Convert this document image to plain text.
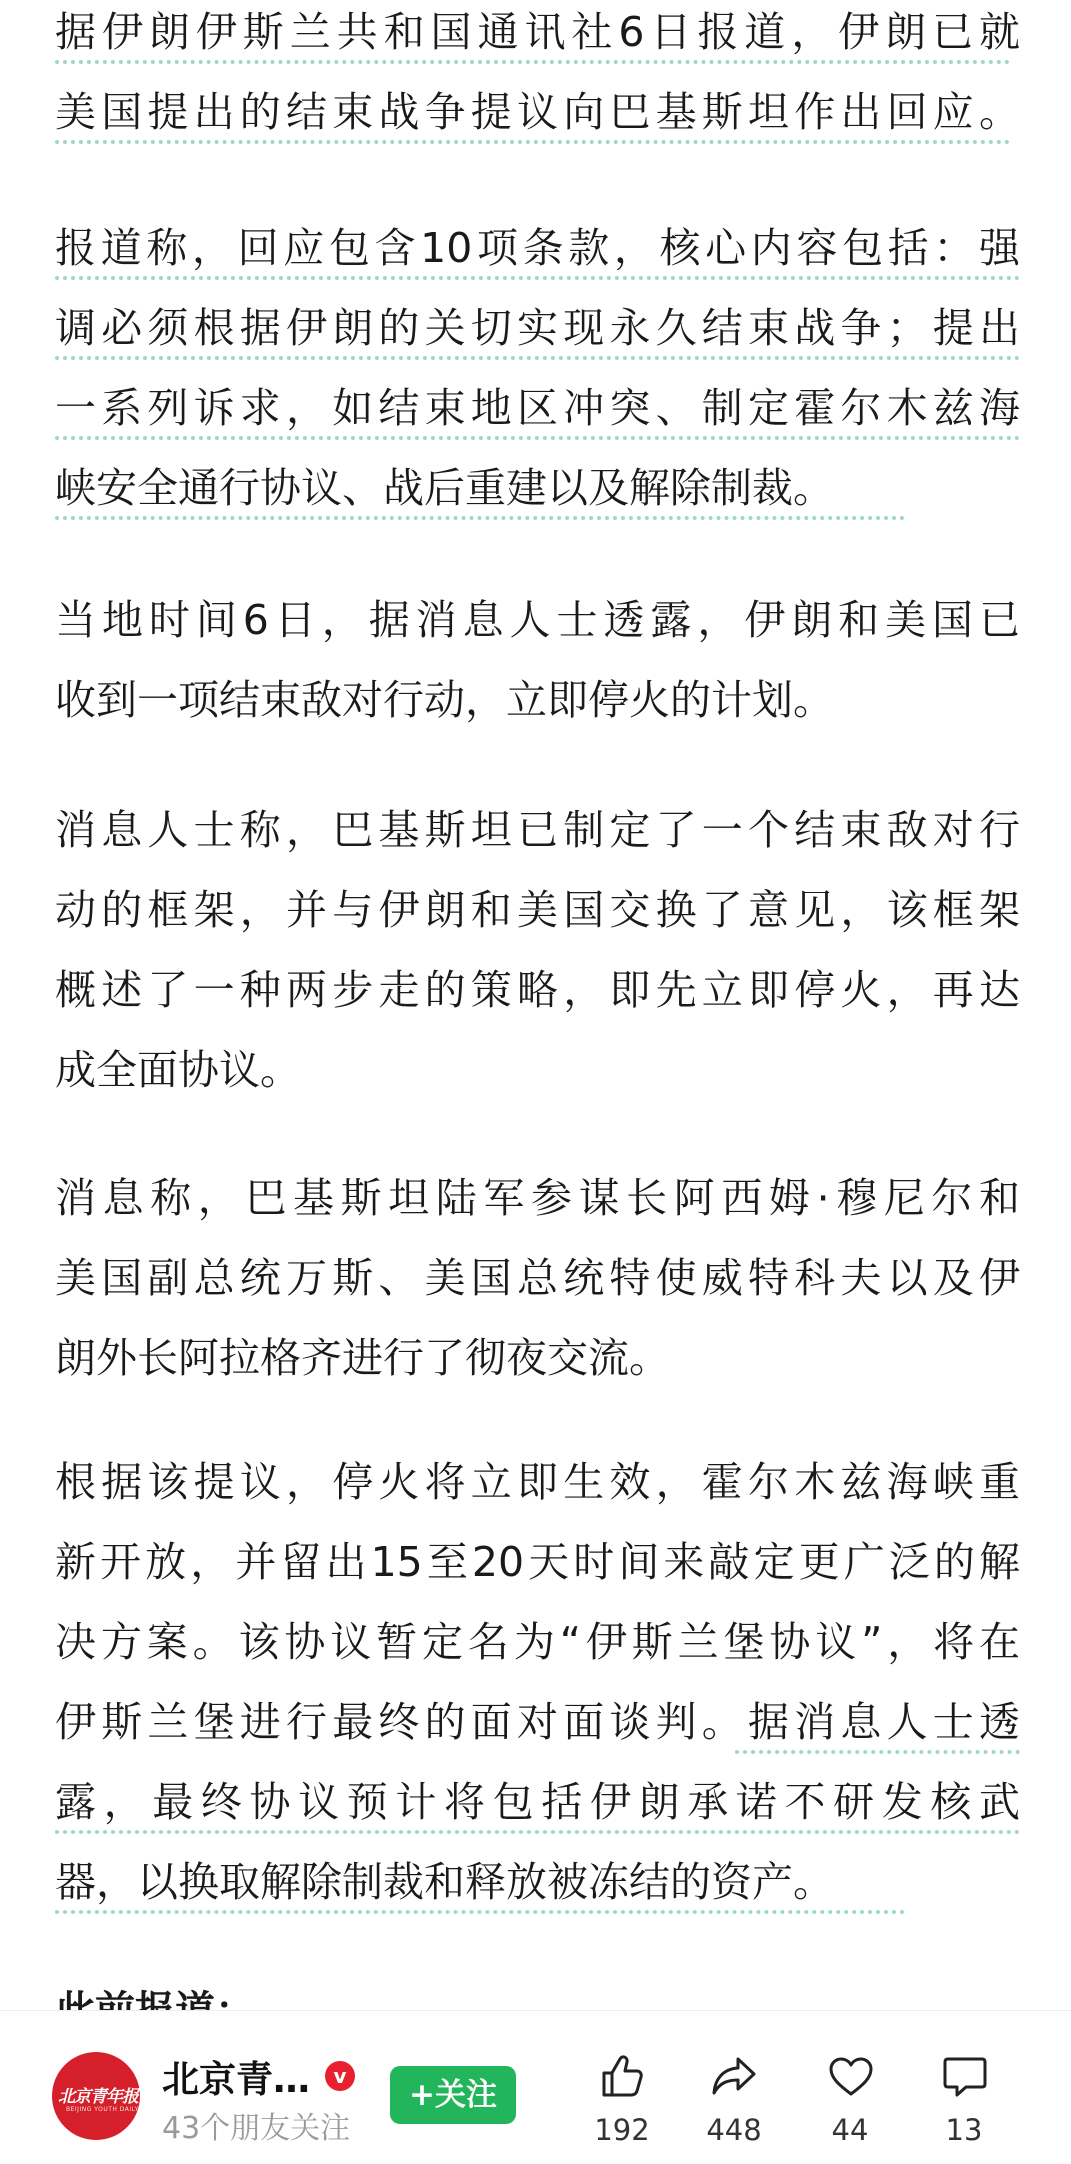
据伊朗伊斯兰共和国通讯社6日报道，伊朗已就
美国提出的结束战争提议向巴基斯坦作出回应。
报道称，回应包含10项条款，核心内容包括：强
调必须根据伊朗的关切实现永久结束战争；提出
一系列诉求，如结束地区冲突、制定霍尔木兹海
峡安全通行协议、战后重建以及解除制裁。
当地时间6日，据消息人士透露，伊朗和美国已
收到一项结束敌对行动，立即停火的计划。
消息人士称，巴基斯坦已制定了一个结束敌对行
动的框架，并与伊朗和美国交换了意见，该框架
概述了一种两步走的策略，即先立即停火，再达
成全面协议。
消息称，巴基斯坦陆军参谋长阿西姆·穆尼尔和
美国副总统万斯、美国总统特使威特科夫以及伊
朗外长阿拉格齐进行了彻夜交流。
根据该提议，停火将立即生效，霍尔木兹海峡重
新开放，并留出15至20天时间来敲定更广泛的解
决方案。该协议暂定名为“伊斯兰堡协议”，将在
伊斯兰堡进行最终的面对面谈判。据消息人士透
露，最终协议预计将包括伊朗承诺不研发核武
器，以换取解除制裁和释放被冻结的资产。
北京青年报
BEIJING YOUTH DAILY
北京青…	v
43个朋友关注
+关注
192	448	44	13
